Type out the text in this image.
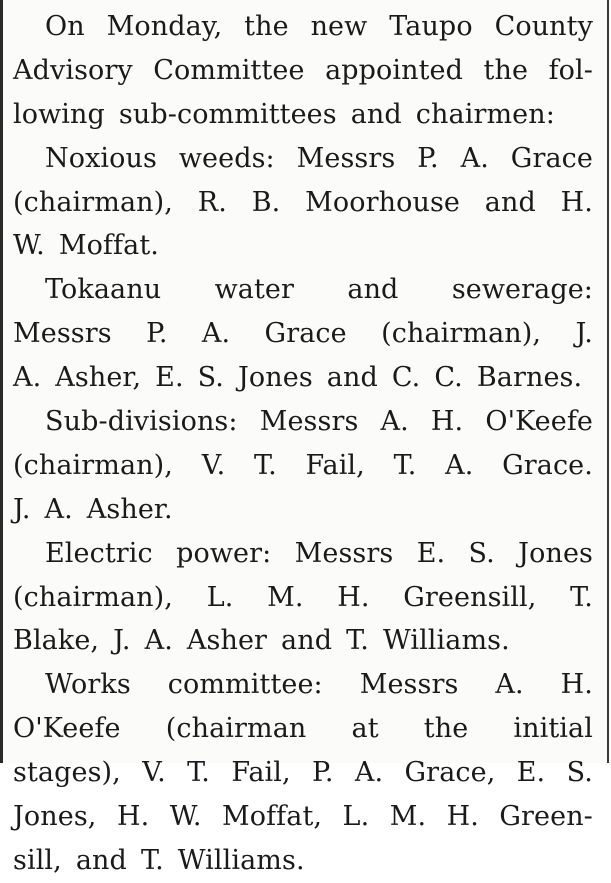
On Monday, the new Taupo County
Advisory Committee appointed the fol-
lowing sub-committees and chairmen:
Noxious weeds: Messrs P. A. Grace
(chairman), R. B. Moorhouse and H.
W. Moffat.
Tokaanu water and sewerage:
Messrs P. A. Grace (chairman), J.
A. Asher, E. S. Jones and C. C. Barnes.
Sub-divisions: Messrs A. H. O'Keefe
(chairman), V. T. Fail, T. A. Grace.
J. A. Asher.
Electric power: Messrs E. S. Jones
(chairman), L. M. H. Greensill, T.
Blake, J. A. Asher and T. Williams.
Works committee: Messrs A. H.
O'Keefe (chairman at the initial
stages), V. T. Fail, P. A. Grace, E. S.
Jones, H. W. Moffat, L. M. H. Green-
sill, and T. Williams.
